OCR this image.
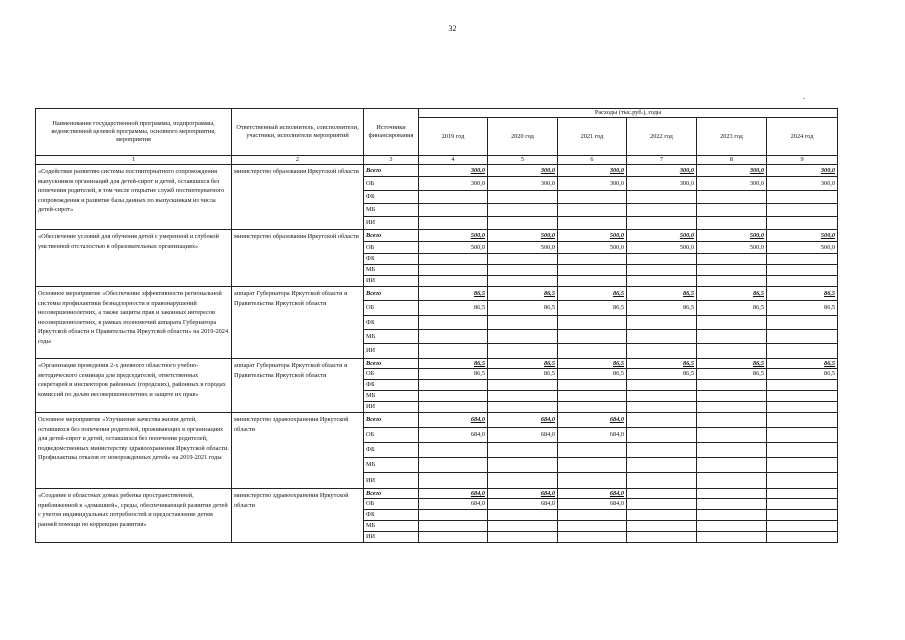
32
-
Наименование государственной программы, подпрограммы, ведомственной целевой программы, основного мероприятия, мероприятия	Ответственный исполнитель, соисполнители, участники, исполнители мероприятий	Источники финансирования	Расходы (тыс.руб.), годы					
			2019 год	2020 год	2021 год	2022 год	2023 год	2024 год
1	2	3	4	5	6	7	8	9
«Содействие развитию системы постинтернатного сопровождения выпускников организаций для детей-сирот и детей, оставшихся без попечения родителей, в том числе открытие служб постинтернатного сопровождения и развитие базы данных по выпускникам из числа детей-сирот»	министерство образования Иркутской области	Всего	300,0	300,0	300,0	300,0	300,0	300,0
		ОБ	300,0	300,0	300,0	300,0	300,0	300,0
		ФБ						
		МБ						
		ИИ						
«Обеспечение условий для обучения детей с умеренной и глубокой умственной отсталостью в образовательных организациях»	министерство образования Иркутской области	Всего	500,0	500,0	500,0	500,0	500,0	500,0
		ОБ	500,0	500,0	500,0	500,0	500,0	500,0
		ФБ						
		МБ						
		ИИ						
Основное мероприятие «Обеспечение эффективности региональной системы профилактики безнадзорности и правонарушений несовершеннолетних, а также защиты прав и законных интересов несовершеннолетних, в рамках полномочий аппарата Губернатора Иркутской области и Правительства Иркутской области» на 2019-2024 годы	аппарат Губернатора Иркутской области и Правительства Иркутской области	Всего	86,5	86,5	86,5	86,5	86,5	86,5
		ОБ	86,5	86,5	86,5	86,5	86,5	86,5
		ФБ						
		МБ						
		ИИ						
«Организация проведения 2-х дневного областного учебно-методического семинара для председателей, ответственных секретарей и инспекторов районных (городских), районных в городах комиссий по делам несовершеннолетних и защите их прав»	аппарат Губернатора Иркутской области и Правительства Иркутской области	Всего	86,5	86,5	86,5	86,5	86,5	86,5
		ОБ	86,5	86,5	86,5	86,5	86,5	86,5
		ФБ						
		МБ						
		ИИ						
Основное мероприятие «Улучшение качества жизни детей, оставшихся без попечения родителей, проживающих в организациях для детей-сирот и детей, оставшихся без попечения родителей, подведомственных министерству здравоохранения Иркутской области. Профилактика отказов от новорожденных детей» на 2019-2021 годы	министерство здравоохранения Иркутской области	Всего	684,0	684,0	684,0			
		ОБ	684,0	684,0	684,0			
		ФБ						
		МБ						
		ИИ						
«Создание в областных домах ребенка пространственной, приближенной к «домашней», среды, обеспечивающей развитие детей с учетом индивидуальных потребностей и предоставление детям ранней помощи по коррекции развития»	министерство здравоохранения Иркутской области	Всего	684,0	684,0	684,0			
		ОБ	684,0	684,0	684,0			
		ФБ						
		МБ						
		ИИ						
